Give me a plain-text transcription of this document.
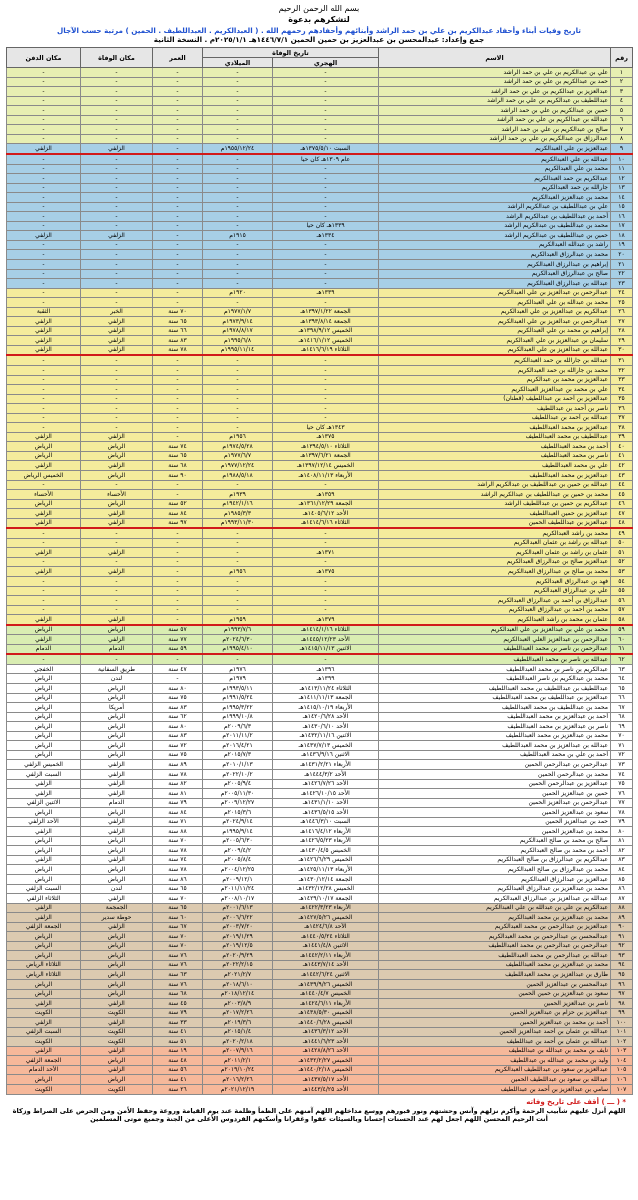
بسم الله الرحمن الرحيم
لتشكرهم بدعوة
تاريخ وفيات أبناء وأحفاد عبدالكريم بن علي بن حمد الراشد وأبنائهم وأحفادهم رحمهم الله . ( العبدالكريم . العبداللطيف . الحمين ) مرتبة حسب الآجال
جمع وإعداد: عبدالمحسن بن عبدالعزيز بن حمين الحمين ١٤٤٦/٧/١هـ ٢٠٢٥/١/١م . النسخة الثانية
رقم	الاسم	تاريخ الوفاة		العمر	مكان الوفاة	مكان الدفن
		الهجري	الميلادي			
١	علي بن عبدالكريم بن علي بن حمد الراشد	-	-	-	-	-
٢	حمد بن عبدالكريم بن علي بن حمد الراشد	-	-	-	-	-
٣	عبدالعزيز بن عبدالكريم بن علي بن حمد الراشد	-	-	-	-	-
٤	عبداللطيف بن عبدالكريم بن علي بن حمد الراشد	-	-	-	-	-
٥	حمين بن عبدالكريم بن علي بن حمد الراشد	-	-	-	-	-
٦	عبدالله بن عبدالكريم بن علي بن حمد الراشد	-	-	-	-	-
٧	صالح بن عبدالكريم بن علي بن حمد الراشد	-	-	-	-	-
٨	عبدالرزاق بن عبدالكريم بن علي بن حمد الراشد	-	-	-	-	-
٩	عبدالعزيز بن علي العبدالكريم	السبت ١٣٧٥/٥/١٠هـ	١٩٥٥/١٢/٢٤م	-	الزلفي	الزلفي
١٠	عبدالله بن علي العبدالكريم	عام ١٣٠٩هـ كان حيا	-	-	-	-
١١	محمد بن علي العبدالكريم	-	-	-	-	-
١٢	عبدالكريم بن حمد العبدالكريم	-	-	-	-	-
١٣	جارالله بن حمد العبدالكريم	-	-	-	-	-
١٤	محمد بن عبدالعزيز العبدالكريم	-	-	-	-	-
١٥	علي بن عبداللطيف بن عبدالكريم الراشد	-	-	-	-	-
١٦	أحمد بن عبداللطيف بن عبدالكريم الراشد	-	-	-	-	-
١٧	محمد بن عبداللطيف بن عبدالكريم الراشد	١٣٣٩هـ كان حيا	-	-	-	-
١٨	حمين بن عبداللطيف بن عبدالكريم الراشد	١٣٣٤هـ	١٩١٥م	-	الزلفي	الزلفي
١٩	راشد بن عبدالله العبدالكريم	-	-	-	-	-
٢٠	محمد بن عبدالرزاق العبدالكريم	-	-	-	-	-
٢١	إبراهيم بن عبدالرزاق العبدالكريم	-	-	-	-	-
٢٢	صالح بن عبدالرزاق العبدالكريم	-	-	-	-	-
٢٣	عبدالله بن عبدالرزاق العبدالكريم	-	-	-	-	-
٢٤	عبدالرحمن بن عبدالعزيز بن علي العبدالكريم	١٣٣٩هـ	١٩٢٠م	-	-	-
٢٥	محمد بن عبدالله بن علي العبدالكريم	-	-	-	-	-
٢٦	عبدالكريم بن عبدالعزيز بن علي العبدالكريم	الجمعة ١٣٩٧/١/٢٢هـ	١٩٧٧/١/٧م	٧٠ سنة	الخبر	الثقبة
٢٧	عبدالرحمن بن عبدالعزيز بن علي العبدالكريم	الجمعة ١٣٩٣/٨/١٤هـ	١٩٧٣/٩/١٤م	٦٥ سنة	الزلفي	الزلفي
٢٨	إبراهيم بن محمد بن علي العبدالكريم	الخميس ١٣٩٨/٩/١٢هـ	١٩٧٨/٨/١٧م	٦٦ سنة	الزلفي	الزلفي
٢٩	سليمان بن عبدالعزيز بن علي العبدالكريم	الخميس ١٤١٦/١/١٢هـ	١٩٩٥/٦/٨م	٨٣ سنة	الزلفي	الزلفي
٣٠	عبدالله بن عبدالعزيز بن علي العبدالكريم	الثلاثاء ١٤١٦/٦/١٩هـ	١٩٩٥/١١/١٤م	٧٨ سنة	الزلفي	الزلفي
٣١	عبدالله بن جارالله بن حمد العبدالكريم	-	-	-	-	-
٣٢	محمد بن جارالله بن حمد العبدالكريم	-	-	-	-	-
٣٣	عبدالعزيز بن محمد بن عبدالكريم	-	-	-	-	-
٣٤	علي بن محمد بن عبدالعزيز العبدالكريم	-	-	-	-	-
٣٥	عبدالعزيز بن أحمد بن عبداللطيف (قطنان)	-	-	-	-	-
٣٦	ناصر بن أحمد بن عبداللطيف	-	-	-	-	-
٣٧	عبدالله بن أحمد بن عبداللطيف	-	-	-	-	-
٣٨	عبدالعزيز بن محمد العبداللطيف	١٣٤٣هـ كان حيا	-	-	-	-
٣٩	عبداللطيف بن محمد العبداللطيف	١٣٧٥هـ	١٩٥٦م	-	الزلفي	الزلفي
٤٠	أحمد بن محمد العبداللطيف	الثلاثاء ١٣٩٤/٥/١٠هـ	١٩٧٤/٥/٢٨م	٧٤ سنة	الرياض	الرياض
٤١	ناصر بن محمد العبداللطيف	الجمعة ١٣٩٧/٦/٢١هـ	١٩٧٧/٦/٧م	٦٥ سنة	الرياض	الرياض
٤٢	علي بن محمد العبداللطيف	الخميس ١٣٩٧/١٢/١٤هـ	١٩٧٧/١٢/٢٤م	٦٨ سنة	الزلفي	الزلفي
٤٣	عبدالعزيز بن محمد العبداللطيف	الأربعاء ١٤٠٨/١١/١٣هـ	١٩٨٨/٥/١٨م	٩٠ سنة	الرياض	الخميس الرياض
٤٤	عبدالله بن حمين بن عبداللطيف بن عبدالكريم الراشد	-	-	-	-	-
٤٥	محمد بن حمين بن عبداللطيف بن عبدالكريم الراشد	١٣٥٩هـ	١٩٣٩م	-	الأحساء	الأحساء
٤٦	عبدالكريم بن حمين بن عبداللطيف الراشد	الجمعة ١٣٦١/١٢/٢٩هـ	١٩٤٢/١/١٦م	٥٢ سنة	الرياض	الرياض
٤٧	عبدالعزيز بن حمين العبداللطيف	الأحد ١٤٠٥/٦/١٢هـ	١٩٨٥/٣/٣م	٨٤ سنة	الزلفي	الزلفي
٤٨	عبدالعزيز بن عبداللطيف الحمين	الثلاثاء ١٤١٤/٦/١٦هـ	١٩٩٣/١١/٣٠م	٩٧ سنة	الزلفي	الزلفي
٤٩	محمد بن راشد العبدالكريم	-	-	-	-	-
٥٠	عبدالله بن راشد بن عثمان العبدالكريم	-	-	-	-	-
٥١	عثمان بن راشد بن عثمان العبدالكريم	١٣٧١هـ	-	-	الزلفي	الزلفي
٥٢	عبدالعزيز صالح بن عبدالرزاق العبدالكريم	-	-	-	-	-
٥٣	محمد بن صالح بن عبدالرزاق العبدالكريم	١٣٧٥هـ	١٩٥٦م	-	الزلفي	الزلفي
٥٤	فهد بن عبدالرزاق العبدالكريم	-	-	-	-	-
٥٥	علي بن عبدالرزاق العبدالكريم	-	-	-	-	-
٥٦	عبدالرزاق بن أحمد بن عبدالرزاق العبدالكريم	-	-	-	-	-
٥٧	محمد بن أحمد بن عبدالرزاق العبدالكريم	-	-	-	-	-
٥٨	عثمان بن محمد بن راشد العبدالكريم	١٣٧٩هـ	١٩٥٩م	-	الزلفي	الزلفي
٥٩	محمد بن علي بن عبدالعزيز بن علي العبدالكريم	الثلاثاء ١٤١٤/١/١٦هـ	١٩٩٣/٧/٦م	٥٧ سنة	الرياض	الرياض
٦٠	عبدالرحمن بن عبدالعزيز العلي العبدالكريم	الأحد ١٤٤٥/١٢/٢٣هـ	٢٠٢٤/٦/٣٠م	٧٧ سنة	الزلفي	الزلفي
٦١	عبدالرحمن بن ناصر بن محمد العبداللطيف	الاثنين ١٤١٥/١١/١٣هـ	١٩٩٥/٤/١٠م	٥٩ سنة	الدمام	الدمام
٦٢	عبدالله بن ناصر بن محمد العبداللطيف	-	-	-	-	-
٦٣	عبدالكريم بن ناصر بن محمد العبداللطيف	١٣٩٦هـ	١٩٧٦م	٤٧ سنة	طريق السفانية	الخفجي
٦٤	محمد بن عبدالكريم بن ناصر العبداللطيف	١٣٩٩هـ	١٩٧٩م	-	لندن	الرياض
٦٥	عبداللطيف بن عبداللطيف بن محمد العبداللطيف	الثلاثاء ١٤١٣/١١/٢٤هـ	١٩٩٣/٥/١١م	٨٠ سنة	الرياض	الرياض
٦٦	عبدالعزيز بن عبداللطيف بن محمد العبداللطيف	الجمعة ١٤١١/١١/١٣هـ	١٩٩١/٥/٢٤م	٧٥ سنة	الرياض	الرياض
٦٧	محمد بن عبداللطيف بن محمد العبداللطيف	الأربعاء ١٤١٥/١٠/١٩هـ	١٩٩٥/٣/٢٢م	٨٣ سنة	أمريكا	الرياض
٦٨	أحمد بن عبدالعزيز بن محمد العبداللطيف	الأحد ١٤٢٠/٦/٢٨هـ	١٩٩٩/١٠/٨م	٦٢ سنة	الرياض	الرياض
٦٩	ناصر بن عبدالعزيز بن محمد العبداللطيف	الأحد ١٤٣٠/٦/١٠هـ	٢٠٠٩/٦/٣م	٨٠ سنة	الرياض	الرياض
٧٠	محمد بن عبدالعزيز بن محمد العبداللطيف	الاثنين ١٤٣٢/١١/١٦هـ	٢٠١١/١١/٢م	٨٣ سنة	الرياض	الرياض
٧١	عبدالله بن عبدالعزيز بن محمد العبداللطيف	الخميس ١٤٣٧/٧/١٣هـ	٢٠١٦/٤/٢١م	٧٢ سنة	الرياض	الرياض
٧٢	أحمد بن علي بن محمد العبداللطيف	الاثنين ١٤٣٦/٩/١٦هـ	٢٠١٥/٧/٣م	٧٥ سنة	الرياض	الرياض
٧٣	عبدالرحمن بن عبدالرحمن الحمين	الأربعاء ١٤٣١/٢/٢١هـ	٢٠١٠/١/١٣م	٨٩ سنة	الزلفي	الخميس الزلفي
٧٤	محمد بن عبدالرحمن الحمين	الأحد ١٤٤٤/٣/٢هـ	٢٠٢٢/١٠/٢م	٧٨ سنة	الزلفي	السبت الزلفي
٧٥	عبدالعزيز بن عبدالرحمن الحمين	الأحد ١٤٢٦/٧/٢٦هـ	٢٠٠٥/٩/٤م	٨٢ سنة	الزلفي	الزلفي
٧٦	حمين بن عبدالعزيز الحمين	الأحد ١٤٢٦/١٠/١٥هـ	٢٠٠٥/١١/٣٠م	٨١ سنة	الزلفي	الزلفي
٧٧	عبدالرحمن بن عبدالعزيز الحمين	الأحد ١٤٣١/١/١٠هـ	٢٠٠٩/١٢/٢٧م	٧٩ سنة	الدمام	الاثنين الزلفي
٧٨	سعود بن عبدالعزيز الحمين	الأحد ١٤٣٦/٥/١٥هـ	٢٠١٥/٣/٦م	٨٤ سنة	الرياض	الرياض
٧٩	حمد بن عبدالعزيز الحمين	السبت ١٤٤٦/٣/١٠هـ	٢٠٢٤/٩/١٤م	٧١ سنة	الزلفي	الأحد الزلفي
٨٠	محمد بن عبدالعزيز الحمين	الأربعاء ١٤١٦/٤/١٢هـ	١٩٩٥/٩/١٤م	٨٨ سنة	الزلفي	الزلفي
٨١	صالح بن محمد بن صالح العبدالكريم	الأربعاء ١٤٢٦/٥/٢٣هـ	٢٠٠٥/٦/٣٠م	٧٠ سنة	الرياض	الرياض
٨٢	أحمد بن محمد بن صالح العبدالكريم	الخميس ١٤٣٠/٤/٥هـ	٢٠٠٩/٤/٢م	٧٨ سنة	الرياض	الرياض
٨٣	عبدالكريم بن عبدالرزاق بن صالح العبدالكريم	الخميس ١٤٢٦/٦/٢٩هـ	٢٠٠٥/٨/٤م	٧٤ سنة	الزلفي	الزلفي
٨٤	محمد بن عبدالرزاق بن صالح العبدالكريم	الأربعاء ١٤٢٥/١١/١٣هـ	٢٠٠٤/١٢/٢٥م	٧٨ سنة	الرياض	الرياض
٨٥	عبدالعزيز بن عبدالرزاق العبدالكريم	الجمعة ١٤٣٠/١٢/١٤هـ	٢٠٠٩/١٢/١م	٨٦ سنة	الرياض	الرياض
٨٦	محمد بن عبدالعزيز بن عبدالرزاق العبدالكريم	الخميس ١٤٣٢/١٢/٢٨هـ	٢٠١١/١١/٢٤م	٦٥ سنة	لندن	السبت الزلفي
٨٧	عبدالله بن عبدالعزيز بن عبدالرزاق العبدالكريم	الجمعة ١٤٢٩/١٠/١٧هـ	٢٠٠٨/١٠/١٧م	٧٠ سنة	الزلفي	الثلاثاء الزلفي
٨٨	عبدالكريم بن علي بن عبدالله بن علي العبدالكريم	الأربعاء ١٤٢٢/٣/٢٣هـ	٢٠٠١/٦/١٣م	٦٥ سنة	الجمجمة	الزلفي
٨٩	محمد بن عبدالعزيز بن محمد العبدالكريم	الخميس ١٤٢٧/٥/٢٦هـ	٢٠٠٦/٦/٢٢م	٦٠ سنة	حوطة سدير	الزلفي
٩٠	عبدالعزيز بن عبدالرحمن بن محمد العبدالكريم	الأحد ١٤٢٤/٦/٨هـ	٢٠٠٣/٧/٢٠م	٦٧ سنة	الزلفي	الجمعة الزلفي
٩١	عبدالمحسن بن عبدالرحمن بن محمد العبدالكريم	الثلاثاء ١٤٤٠/٥/٢٤هـ	٢٠١٩/١/٢٩م	٧٠ سنة	الرياض	الرياض
٩٢	عبدالرحمن بن عبدالرحمن بن محمد العبداللطيف	الاثنين ١٤٤١/٤/٨هـ	٢٠١٩/١٢/٥م	٧٠ سنة	الرياض	الرياض
٩٣	عبدالله بن عبدالرحمن بن محمد العبداللطيف	الأربعاء ١٤٤٢/٢/١١هـ	٢٠٢٠/٩/٢٩م	٧٦ سنة	الرياض	الرياض
٩٤	محمد بن عبدالعزيز بن محمد العبداللطيف	الأحد ١٤٤٣/٧/١٤هـ	٢٠٢٢/٢/١٥م	٧٦ سنة	الرياض	الثلاثاء الرياض
٩٥	طارق بن عبدالعزيز بن محمد العبداللطيف	الاثنين ١٤٤٢/٦/٢٤هـ	٢٠٢١/٢/٧م	٦٣ سنة	الرياض	الثلاثاء الرياض
٩٦	عبدالمحسن بن عبدالعزيز الحمين	الخميس ١٤٣٩/٩/٢٦هـ	٢٠١٨/٦/١٠م	٧٦ سنة	الرياض	الرياض
٩٧	سعود بن عبدالعزيز بن حمين الحمين	الخميس ١٤٤٠/٤/٧هـ	٢٠١٨/١٢/١٤م	٦٨ سنة	الرياض	الرياض
٩٨	ناصر بن عبدالعزيز الحمين	الأربعاء ١٤٢٤/٦/١١هـ	٢٠٠٣/٨/٩م	٤٥ سنة	الزلفي	الزلفي
٩٩	عبدالعزيز بن حزام بن عبدالعزيز الحمين	الخميس ١٤٣٨/٥/٣٠هـ	٢٠١٧/٢/٢٦م	٧٩ سنة	الكويت	الكويت
١٠٠	أحمد بن محمد بن عبدالعزيز الحمين	الخميس ١٤٤٠/٦/٢٨هـ	٢٠١٩/٣/٦م	٣٣ سنة	الزلفي	الزلفي
١٠١	عبدالله بن عثمان بن أحمد عبدالعزيز الحمين	الأحد ١٤٣٦/٣/١٢هـ	٢٠١٥/١/٤م	٤١ سنة	الكويت	السبت الزلفي
١٠٢	عبدالله بن عثمان بن أحمد بن عبداللطيف	الأحد ١٤٤١/٦/٢٣هـ	٢٠٢٠/٢/١٨م	٥١ سنة	الكويت	الكويت
١٠٣	نايف بن محمد بن عبدالله بن عبداللطيف	الأحد ١٤٢٨/٨/٢٦هـ	٢٠٠٧/٩/١٦م	١٩ سنة	الزلفي	الزلفي
١٠٤	وليد بن محمد بن عبدالله بن عبداللطيف	الخميس ١٤٣٢/٢/٢٧هـ	٢٠١١/٢/١م	٤٨ سنة	الرياض	الجمعة الزلفي
١٠٥	عبدالعزيز بن سعود بن عبداللطيف العبدالكريم	الخميس ١٤٤٠/٢/١٨هـ	٢٠١٩/١٠/٢٤م	٥٦ سنة	الزلفي	الأحد الدمام
١٠٦	عبدالله بن سعود بن عبداللطيف الحمين	الأحد ١٤٣٧/٥/١٧هـ	٢٠١٦/٢/٢٦م	٤١ سنة	الرياض	الرياض
١٠٧	سامي بن عبدالعزيز بن أحمد بن عبداللطيف	الأحد ١٤٤٣/٤/٢٥هـ	٢٠٢١/١٢/١٩م	٢٦ سنة	الكويت	الكويت
* ( ـــ ) أقف على تاريخ وفاته
اللهم أنزل عليهم شآبيب الرحمة وأكرم نزلهم وآنس وحشتهم ونور قبورهم ووسع مداخلهم اللهم آمنهم على الظمأ وظلمة عند يوم القيامة وروعة وحفظ الأمن ومن الحرص على الصراط وزكاة أنت الرحيم المحسن اللهم اجعل لهم عند الحسنات إحسانا وبالسيئات عفوا وغفرانا وأسكنهم الفردوس الأعلى من الجنة وجميع موتى المسلمين
